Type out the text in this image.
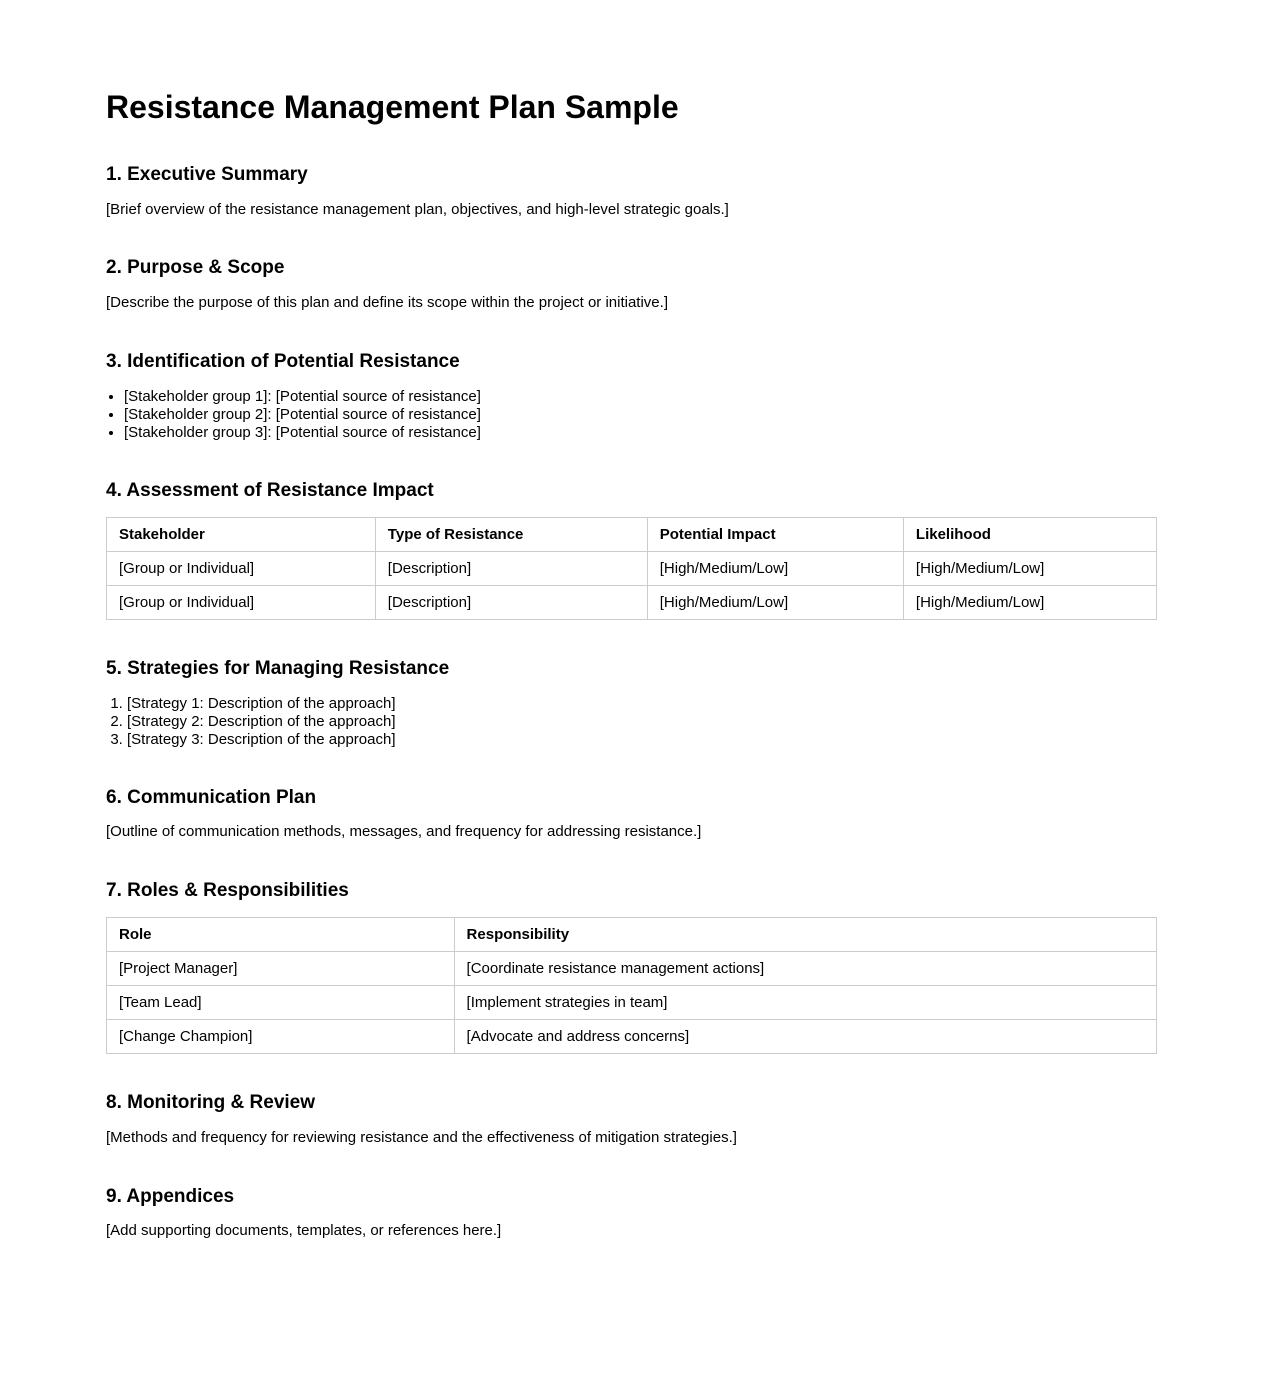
Resistance Management Plan Sample
1. Executive Summary

[Brief overview of the resistance management plan, objectives, and high-level strategic goals.]

2. Purpose & Scope

[Describe the purpose of this plan and define its scope within the project or initiative.]

3. Identification of Potential Resistance
• [Stakeholder group 1]: [Potential source of resistance]
• [Stakeholder group 2]: [Potential source of resistance]
• [Stakeholder group 3]: [Potential source of resistance]
4. Assessment of Resistance Impact
Stakeholder	Type of Resistance	Potential Impact	Likelihood
[Group or Individual]	[Description]	[High/Medium/Low]	[High/Medium/Low]
[Group or Individual]	[Description]	[High/Medium/Low]	[High/Medium/Low]
5. Strategies for Managing Resistance
1. [Strategy 1: Description of the approach]
2. [Strategy 2: Description of the approach]
3. [Strategy 3: Description of the approach]
6. Communication Plan

[Outline of communication methods, messages, and frequency for addressing resistance.]

7. Roles & Responsibilities
Role	Responsibility
[Project Manager]	[Coordinate resistance management actions]
[Team Lead]	[Implement strategies in team]
[Change Champion]	[Advocate and address concerns]
8. Monitoring & Review

[Methods and frequency for reviewing resistance and the effectiveness of mitigation strategies.]

9. Appendices

[Add supporting documents, templates, or references here.]
